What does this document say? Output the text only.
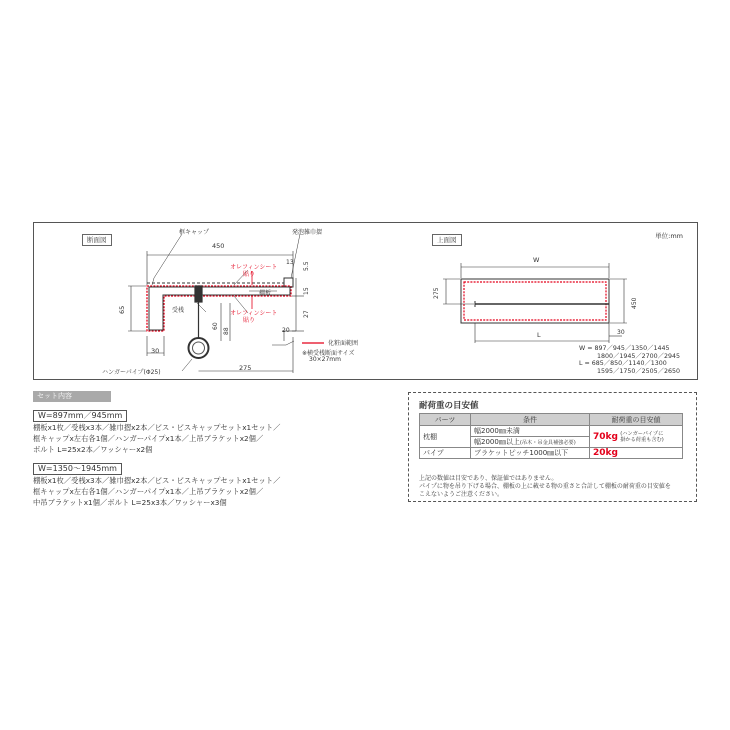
断面図	上面図	単位:mm
框キャップ	発泡雑巾摺
450
オレフィンシート
貼り
13 5.5
15
棚板
65	受桟	オレフィンシート
貼り
27
60
88	20
化粧面範囲
※横受桟断面サイズ
30×27mm
30
275
ハンガーパイプ(Φ25)
W
275
450
L	30
W = 897／945／1350／1445
1800／1945／2700／2945
L = 685／850／1140／1300
1595／1750／2505／2650
セット内容
W=897mm／945mm
棚板x1枚／受桟x3本／雑巾摺x2本／ビス・ビスキャップセットx1セット／
框キャップx左右各1個／ハンガーパイプx1本／上吊ブラケットx2個／
ボルト L=25x2本／ワッシャーx2個
W=1350〜1945mm
棚板x1枚／受桟x3本／雑巾摺x2本／ビス・ビスキャップセットx1セット／
框キャップx左右各1個／ハンガーパイプx1本／上吊ブラケットx2個／
中吊ブラケットx1個／ボルト L=25x3本／ワッシャーx3個
耐荷重の目安値
パーツ	条件	耐荷重の目安値
枕棚	幅2000㎜未満	70kg (ハンガーパイプに
掛かる荷重も含む)
	幅2000㎜以上(吊木・吊金具補強必要)	
パイプ	ブラケットピッチ1000㎜以下	20kg
上記の数値は目安であり、保証値ではありません。
パイプに物を吊り下げる場合、棚板の上に載せる物の重さと合計して棚板の耐荷重の目安値を
こえないようご注意ください。
